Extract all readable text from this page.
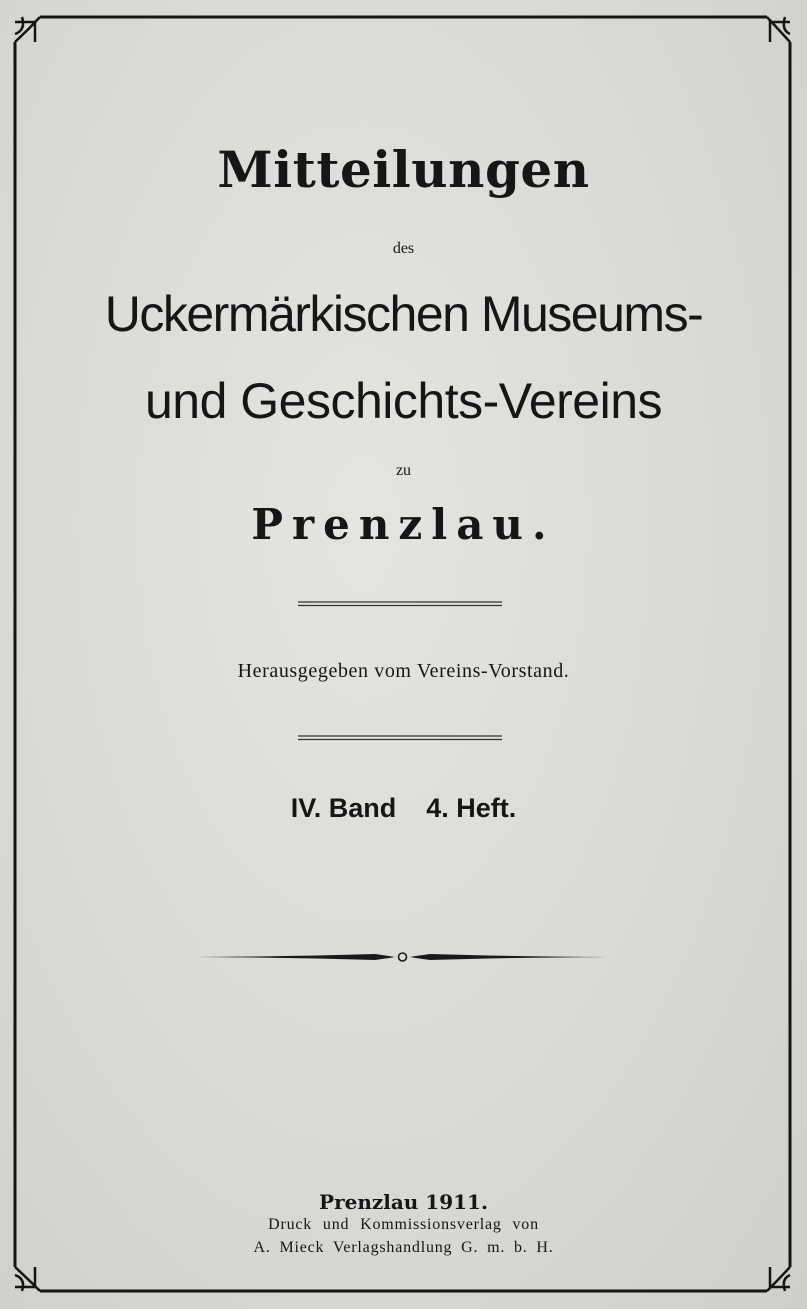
Mitteilungen
des
Uckermärkischen Museums-
und Geschichts-Vereins
zu
Prenzlau.
Herausgegeben vom Vereins-Vorstand.
IV. Band 4. Heft.
Prenzlau 1911.
Druck und Kommissionsverlag von
A. Mieck Verlagshandlung G. m. b. H.
